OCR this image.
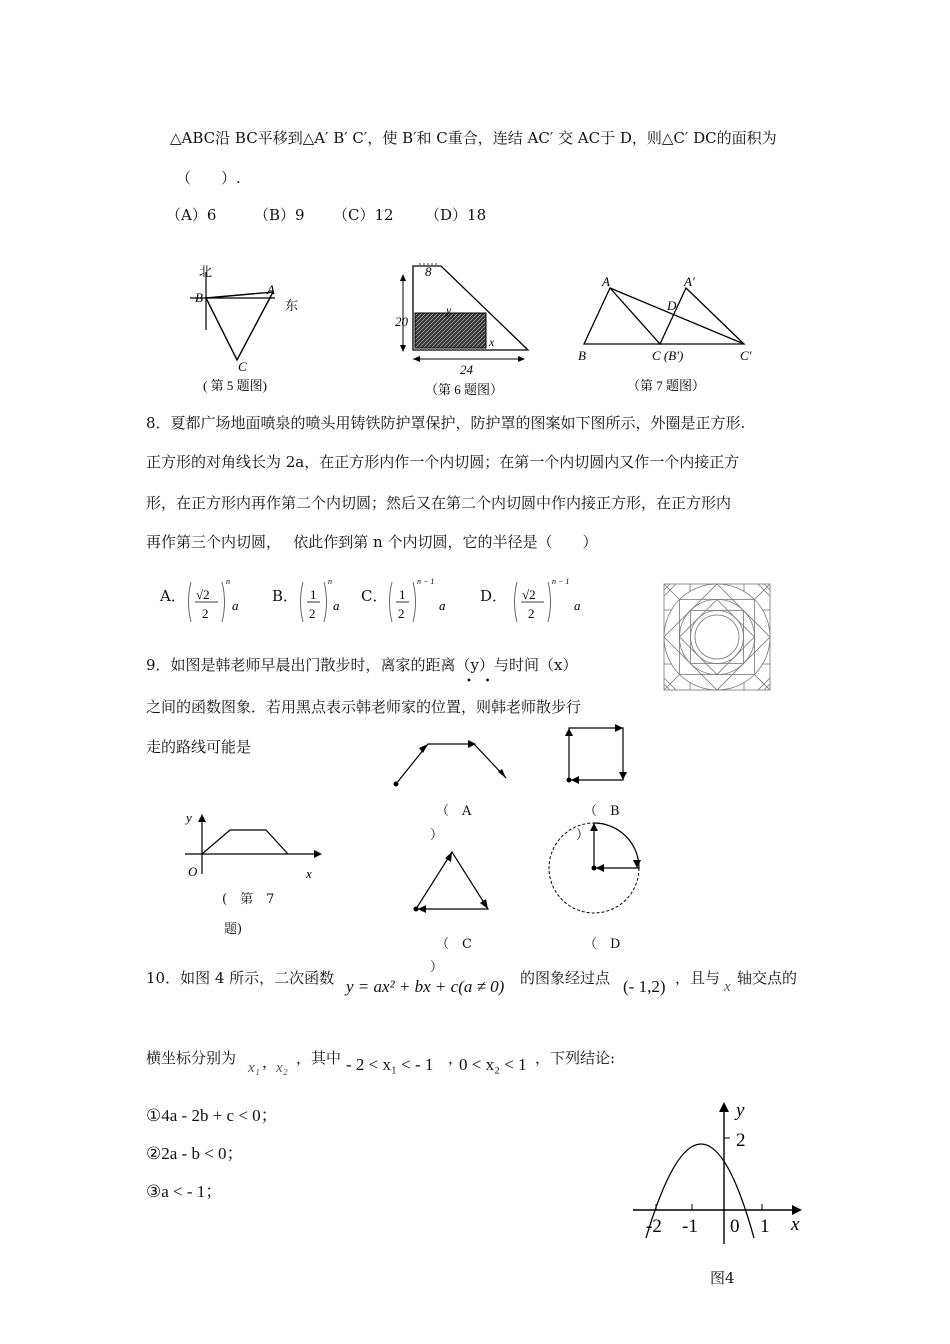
△ABC沿 BC平移到△A′ B′ C′，使 B′和 C重合，连结 AC′ 交 AC于 D，则△C′ DC的面积为
（　　）.
（A）6	（B）9 （C）12 （D）18
北
B
A
东
C
( 第 5 题图)
8
20
y
x
24
（第 6 题图）
A	A′
D
B	C (B′)	C′
（第 7 题图）
8．夏都广场地面喷泉的喷头用铸铁防护罩保护，防护罩的图案如下图所示，外圈是正方形.
正方形的对角线长为 2a，在正方形内作一个内切圆；在第一个内切圆内又作一个内接正方
形，在正方形内再作第二个内切圆；然后又在第二个内切圆中作内接正方形，在正方形内
再作第三个内切圆，　 依此作到第 n 个内切圆，它的半径是（　　）
A． √2
2
n
a
B． 1
2
n
a
C． 1
2
n − 1
a
D． √2
2
n − 1
a
9．如图是韩老师早晨出门散步时，离家的距离（y）与时间（x）
•    •
之间的函数图象．若用黑点表示韩老师家的位置，则韩老师散步行
走的路线可能是
（　A
）
（　B
）
y
O	x
(　第　7
题)
（　C
）
（　D
10．如图 4 所示，二次函数 y = ax² + bx + c(a ≠ 0) 的图象经过点 (- 1,2) ，且与 x 轴交点的
横坐标分别为
x₁ ，
x₂
，其中 - 2 < x₁ < - 1 ，
0 < x₂ < 1 ，下列结论:
①4a - 2b + c < 0；
②2a - b < 0；
③a < - 1；
y
2
x
-2 -1 0 1
图4
